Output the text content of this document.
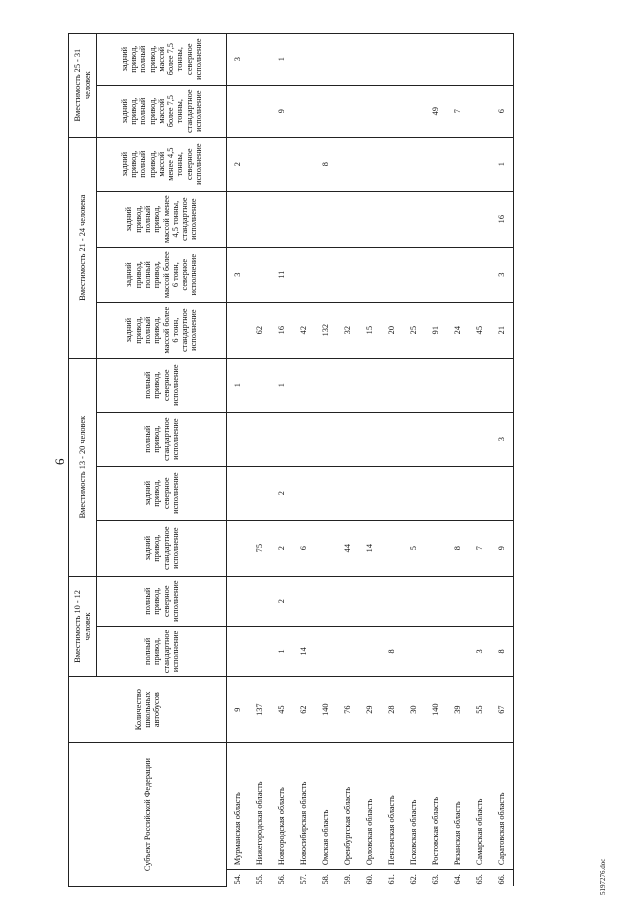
6
Субъект Российской Федерации		Количество школьных автобусов	Вместимость 10 - 12 человек		Вместимость 13 - 20 человек				Вместимость 21 - 24 человека				Вместимость 25 - 31 человек	
			полный привод, стандартное исполнение	полный привод, северное исполнение	задний привод, стандартное исполнение	задний привод, северное исполнение	полный привод, стандартное исполнение	полный привод, северное исполнение	задний привод, полный привод, массой более 6 тонн, стандартное исполнение	задний привод, полный привод, массой более 6 тонн, северное исполнение	задний привод, полный привод, массой менее 4,5 тонны, стандартное исполнение	задний привод, полный привод, массой менее 4,5 тонны, северное исполнение	задний привод, полный привод, массой более 7,5 тонны, стандартное исполнение	задний привод, полный привод, массой более 7,5 тонны, северное исполнение
54.	Мурманская область	9						1		3		2		3
55.	Нижегородская область	137			75				62					
56.	Новгородская область	45	1	2	2	2		1	16	11			9	1
57.	Новосибирская область	62	14		6				42					
58.	Омская область	140							132			8		
59.	Оренбургская область	76			44				32					
60.	Орловская область	29			14				15					
61.	Пензенская область	28	8						20					
62.	Псковская область	30			5				25					
63.	Ростовская область	140							91				49	
64.	Рязанская область	39			8				24				7	
65.	Самарская область	55	3		7				45					
66.	Саратовская область	67	8		9		3		21	3	16	1	6	
5197276.doc
